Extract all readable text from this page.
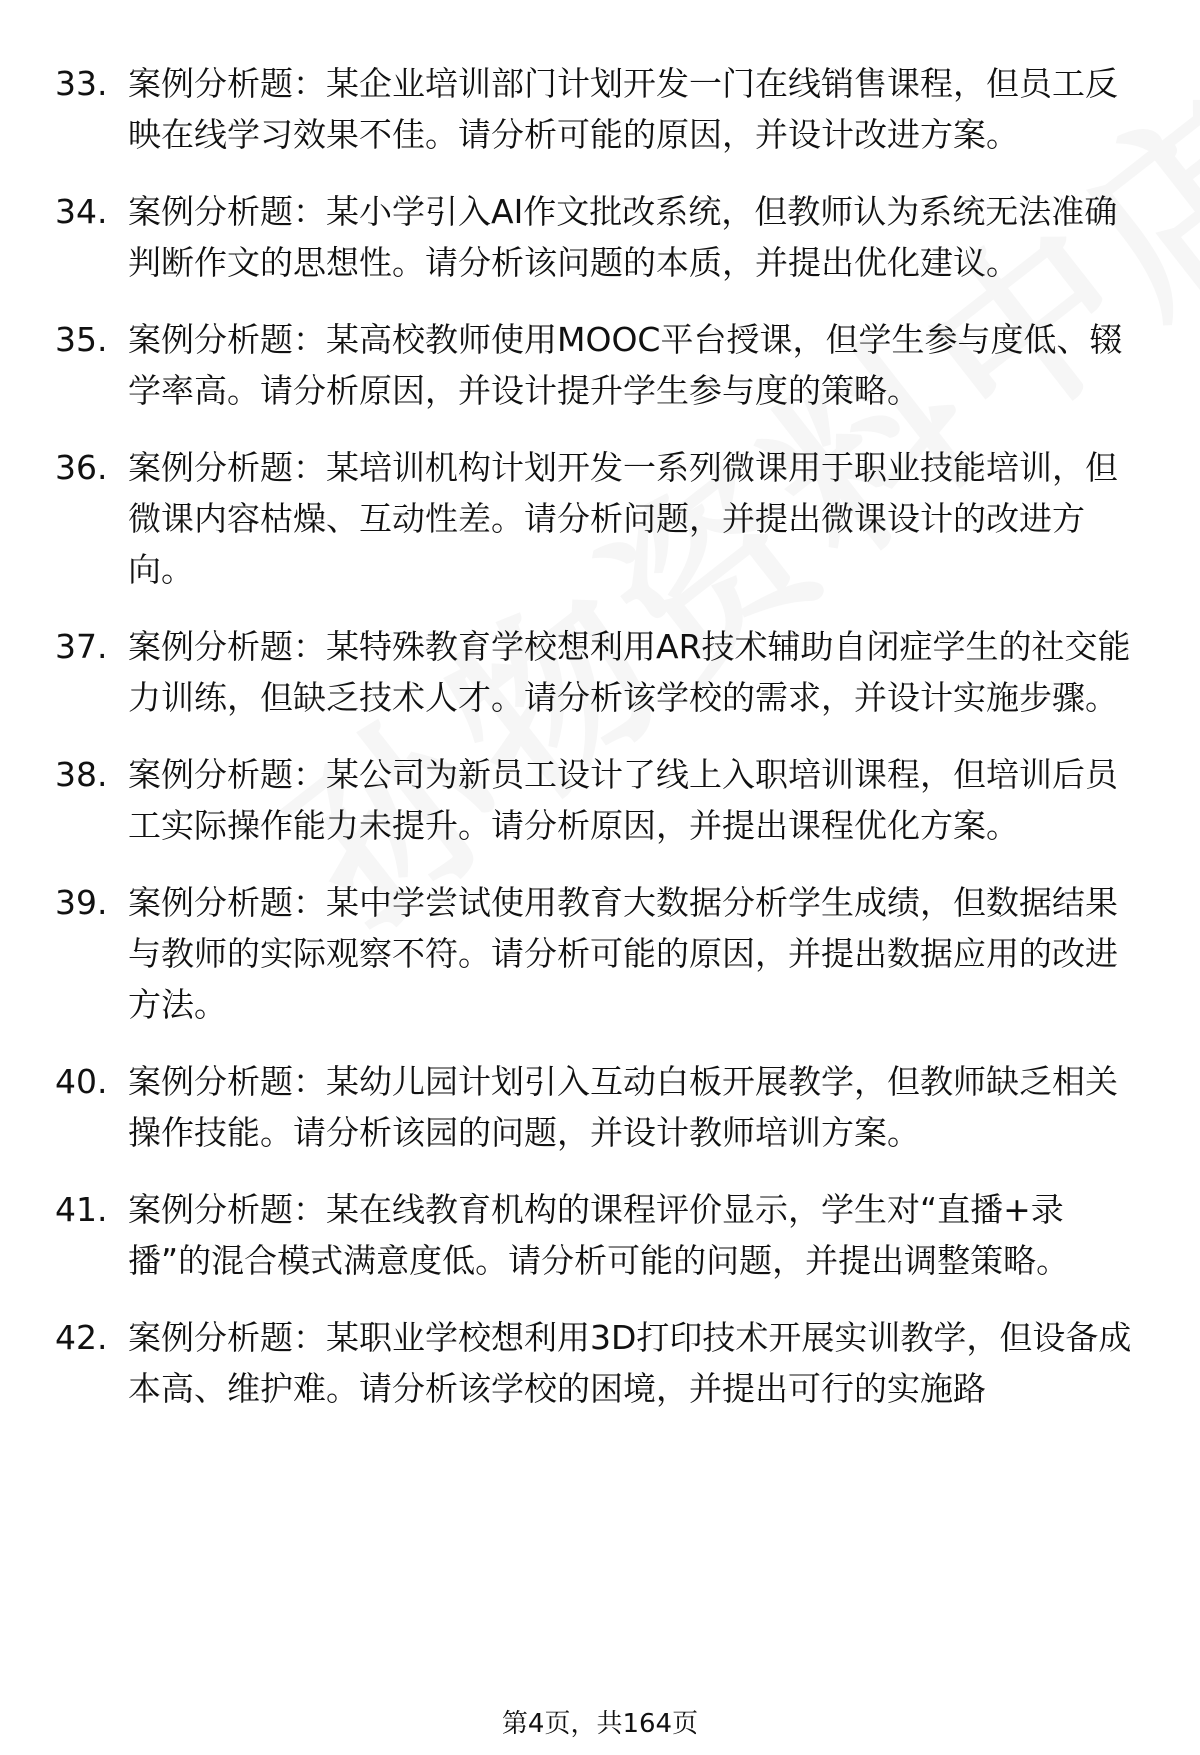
33. 案例分析题：某企业培训部门计划开发一门在线销售课程，但员工反映在线学习效果不佳。请分析可能的原因，并设计改进方案。
34. 案例分析题：某小学引入AI作文批改系统，但教师认为系统无法准确判断作文的思想性。请分析该问题的本质，并提出优化建议。
35. 案例分析题：某高校教师使用MOOC平台授课，但学生参与度低、辍学率高。请分析原因，并设计提升学生参与度的策略。
36. 案例分析题：某培训机构计划开发一系列微课用于职业技能培训，但微课内容枯燥、互动性差。请分析问题，并提出微课设计的改进方向。
37. 案例分析题：某特殊教育学校想利用AR技术辅助自闭症学生的社交能力训练，但缺乏技术人才。请分析该学校的需求，并设计实施步骤。
38. 案例分析题：某公司为新员工设计了线上入职培训课程，但培训后员工实际操作能力未提升。请分析原因，并提出课程优化方案。
39. 案例分析题：某中学尝试使用教育大数据分析学生成绩，但数据结果与教师的实际观察不符。请分析可能的原因，并提出数据应用的改进方法。
40. 案例分析题：某幼儿园计划引入互动白板开展教学，但教师缺乏相关操作技能。请分析该园的问题，并设计教师培训方案。
41. 案例分析题：某在线教育机构的课程评价显示，学生对“直播+录播”的混合模式满意度低。请分析可能的问题，并提出调整策略。
42. 案例分析题：某职业学校想利用3D打印技术开展实训教学，但设备成本高、维护难。请分析该学校的困境，并提出可行的实施路
第4页，共164页
